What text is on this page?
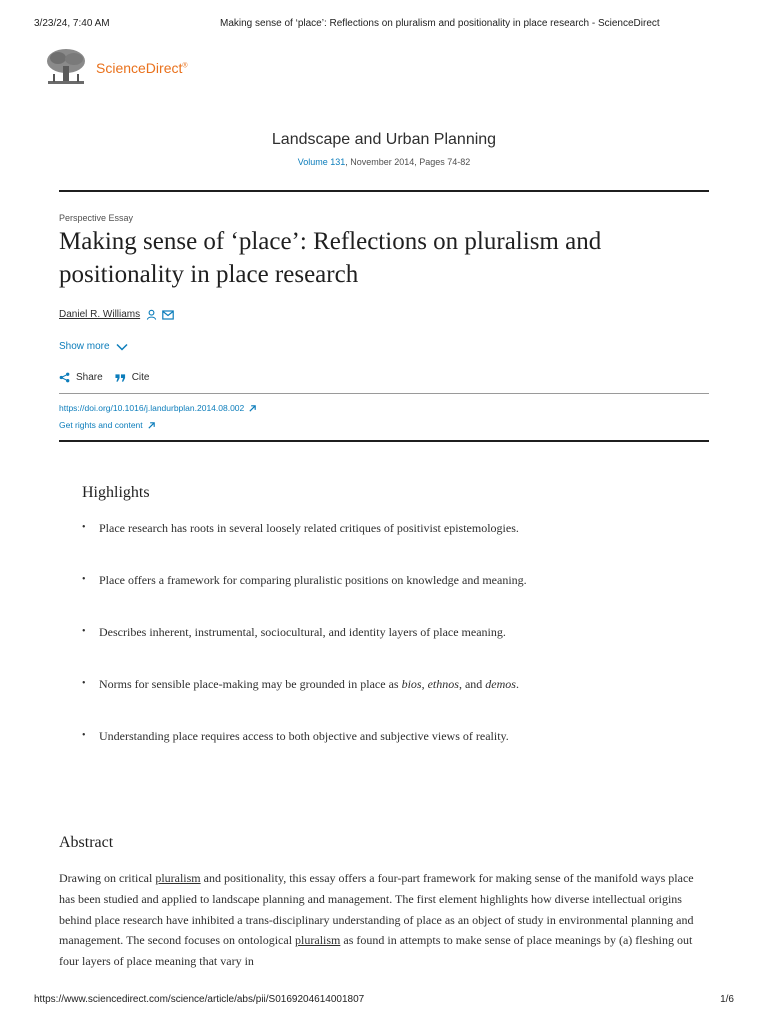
3/23/24, 7:40 AM	Making sense of ‘place’: Reflections on pluralism and positionality in place research - ScienceDirect
ScienceDirect®
Landscape and Urban Planning
Volume 131, November 2014, Pages 74-82
Perspective Essay
Making sense of ‘place’: Reflections on pluralism and positionality in place research
Daniel R. Williams
Show more
Share	Cite
https://doi.org/10.1016/j.landurbplan.2014.08.002
Get rights and content
Highlights
• Place research has roots in several loosely related critiques of positivist epistemologies.
• Place offers a framework for comparing pluralistic positions on knowledge and meaning.
• Describes inherent, instrumental, sociocultural, and identity layers of place meaning.
• Norms for sensible place-making may be grounded in place as bios, ethnos, and demos.
• Understanding place requires access to both objective and subjective views of reality.
Abstract

Drawing on critical pluralism and positionality, this essay offers a four-part framework for making sense of the manifold ways place has been studied and applied to landscape planning and management. The first element highlights how diverse intellectual origins behind place research have inhibited a trans-disciplinary understanding of place as an object of study in environmental planning and management. The second focuses on ontological pluralism as found in attempts to make sense of place meanings by (a) fleshing out four layers of place meaning that vary in

https://www.sciencedirect.com/science/article/abs/pii/S0169204614001807	1/6
